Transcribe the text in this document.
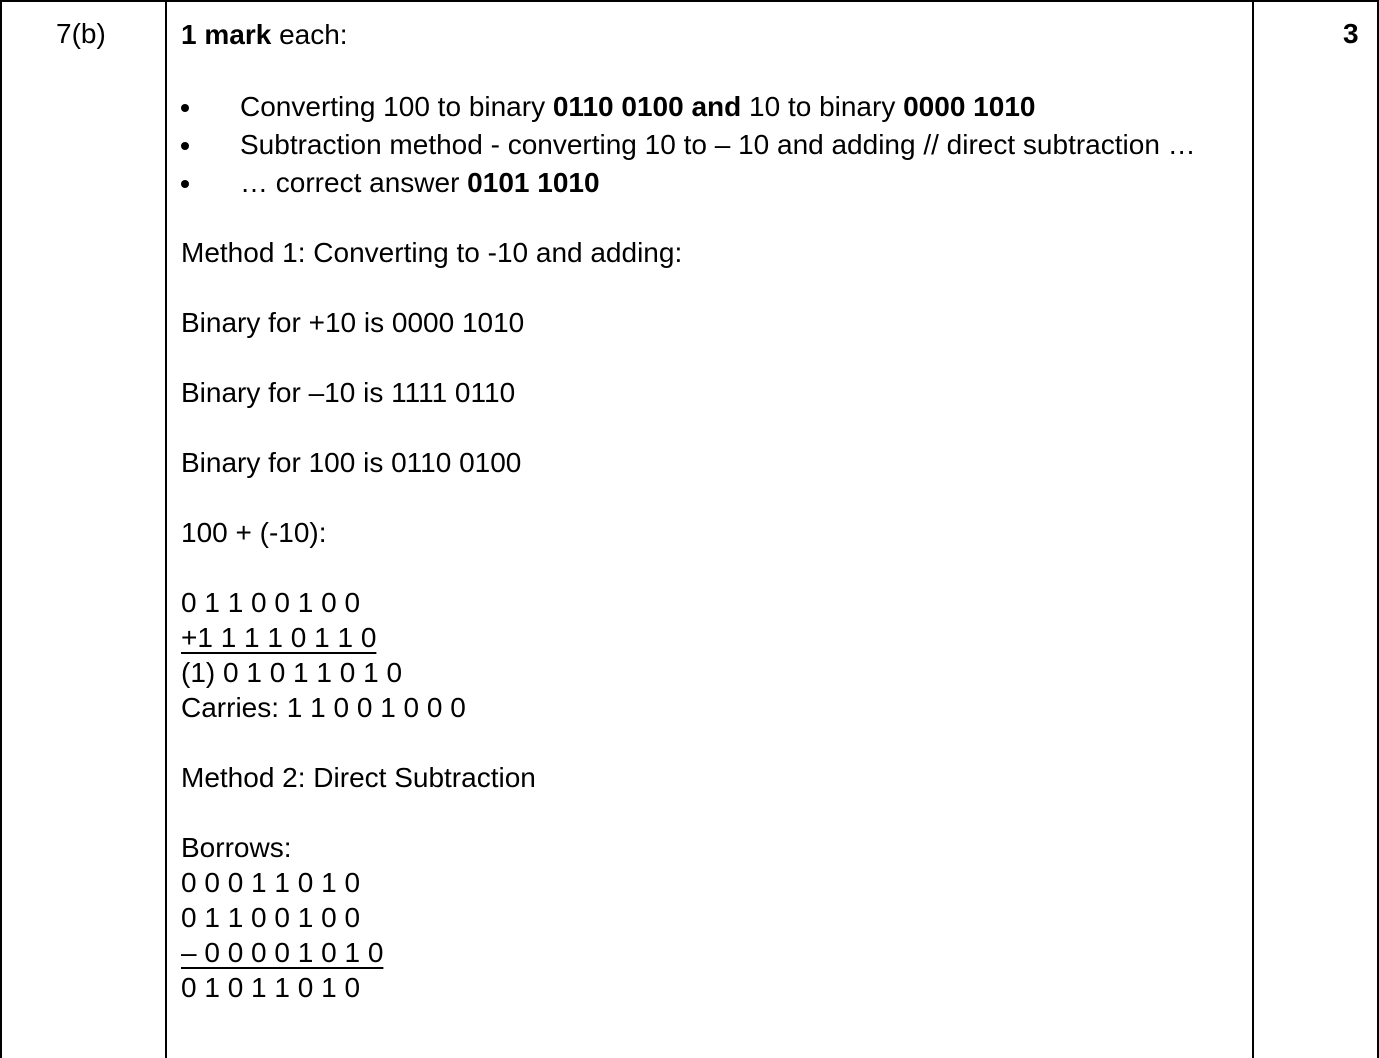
7(b)	3
1 mark each:
Converting 100 to binary 0110 0100 and 10 to binary 0000 1010
Subtraction method - converting 10 to – 10 and adding // direct subtraction …
… correct answer 0101 1010
Method 1: Converting to -10 and adding:
Binary for +10 is 0000 1010
Binary for –10 is 1111 0110
Binary for 100 is 0110 0100
100 + (-10):
0 1 1 0 0 1 0 0
+1 1 1 1 0 1 1 0
(1) 0 1 0 1 1 0 1 0
Carries: 1 1 0 0 1 0 0 0
Method 2: Direct Subtraction
Borrows:
0 0 0 1 1 0 1 0
0 1 1 0 0 1 0 0
– 0 0 0 0 1 0 1 0
0 1 0 1 1 0 1 0
